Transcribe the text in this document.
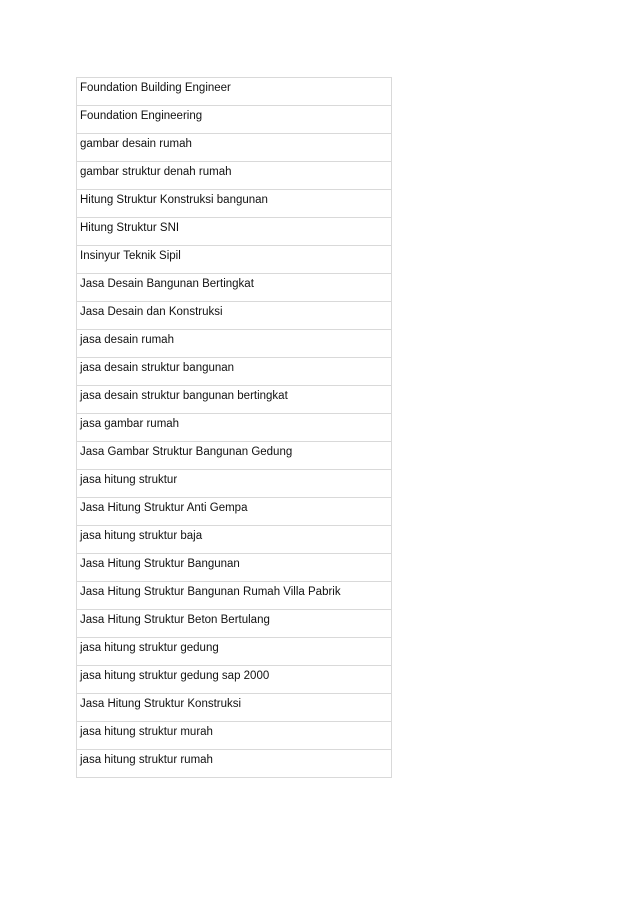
Foundation Building Engineer
Foundation Engineering
gambar desain rumah
gambar struktur denah rumah
Hitung Struktur Konstruksi bangunan
Hitung Struktur SNI
Insinyur Teknik Sipil
Jasa Desain Bangunan Bertingkat
Jasa Desain dan Konstruksi
jasa desain rumah
jasa desain struktur bangunan
jasa desain struktur bangunan bertingkat
jasa gambar rumah
Jasa Gambar Struktur Bangunan Gedung
jasa hitung struktur
Jasa Hitung Struktur Anti Gempa
jasa hitung struktur baja
Jasa Hitung Struktur Bangunan
Jasa Hitung Struktur Bangunan Rumah Villa Pabrik
Jasa Hitung Struktur Beton Bertulang
jasa hitung struktur gedung
jasa hitung struktur gedung sap 2000
Jasa Hitung Struktur Konstruksi
jasa hitung struktur murah
jasa hitung struktur rumah
